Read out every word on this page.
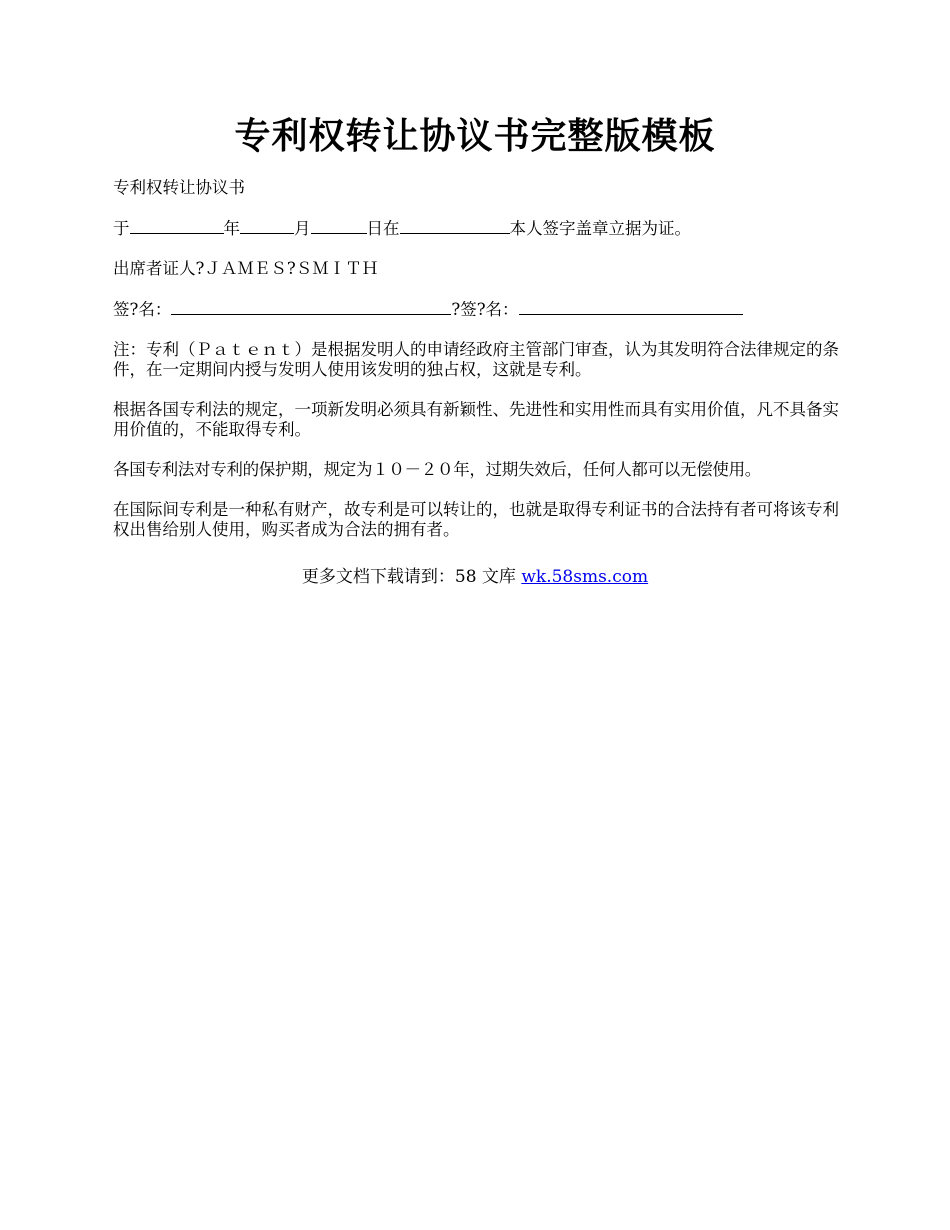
专利权转让协议书完整版模板

专利权转让协议书

于	年	月	日在	本人签字盖章立据为证。

出席者证人?ＪＡＭＥＳ?ＳＭＩＴＨ

签?名：	?签?名：

注：专利（Ｐａｔｅｎｔ）是根据发明人的申请经政府主管部门审查，认为其发明符合法律规定的条件，在一定期间内授与发明人使用该发明的独占权，这就是专利。

根据各国专利法的规定，一项新发明必须具有新颖性、先进性和实用性而具有实用价值，凡不具备实用价值的，不能取得专利。

各国专利法对专利的保护期，规定为１０－２０年，过期失效后，任何人都可以无偿使用。

在国际间专利是一种私有财产，故专利是可以转让的，也就是取得专利证书的合法持有者可将该专利权出售给别人使用，购买者成为合法的拥有者。

更多文档下载请到：58 文库 wk.58sms.com
